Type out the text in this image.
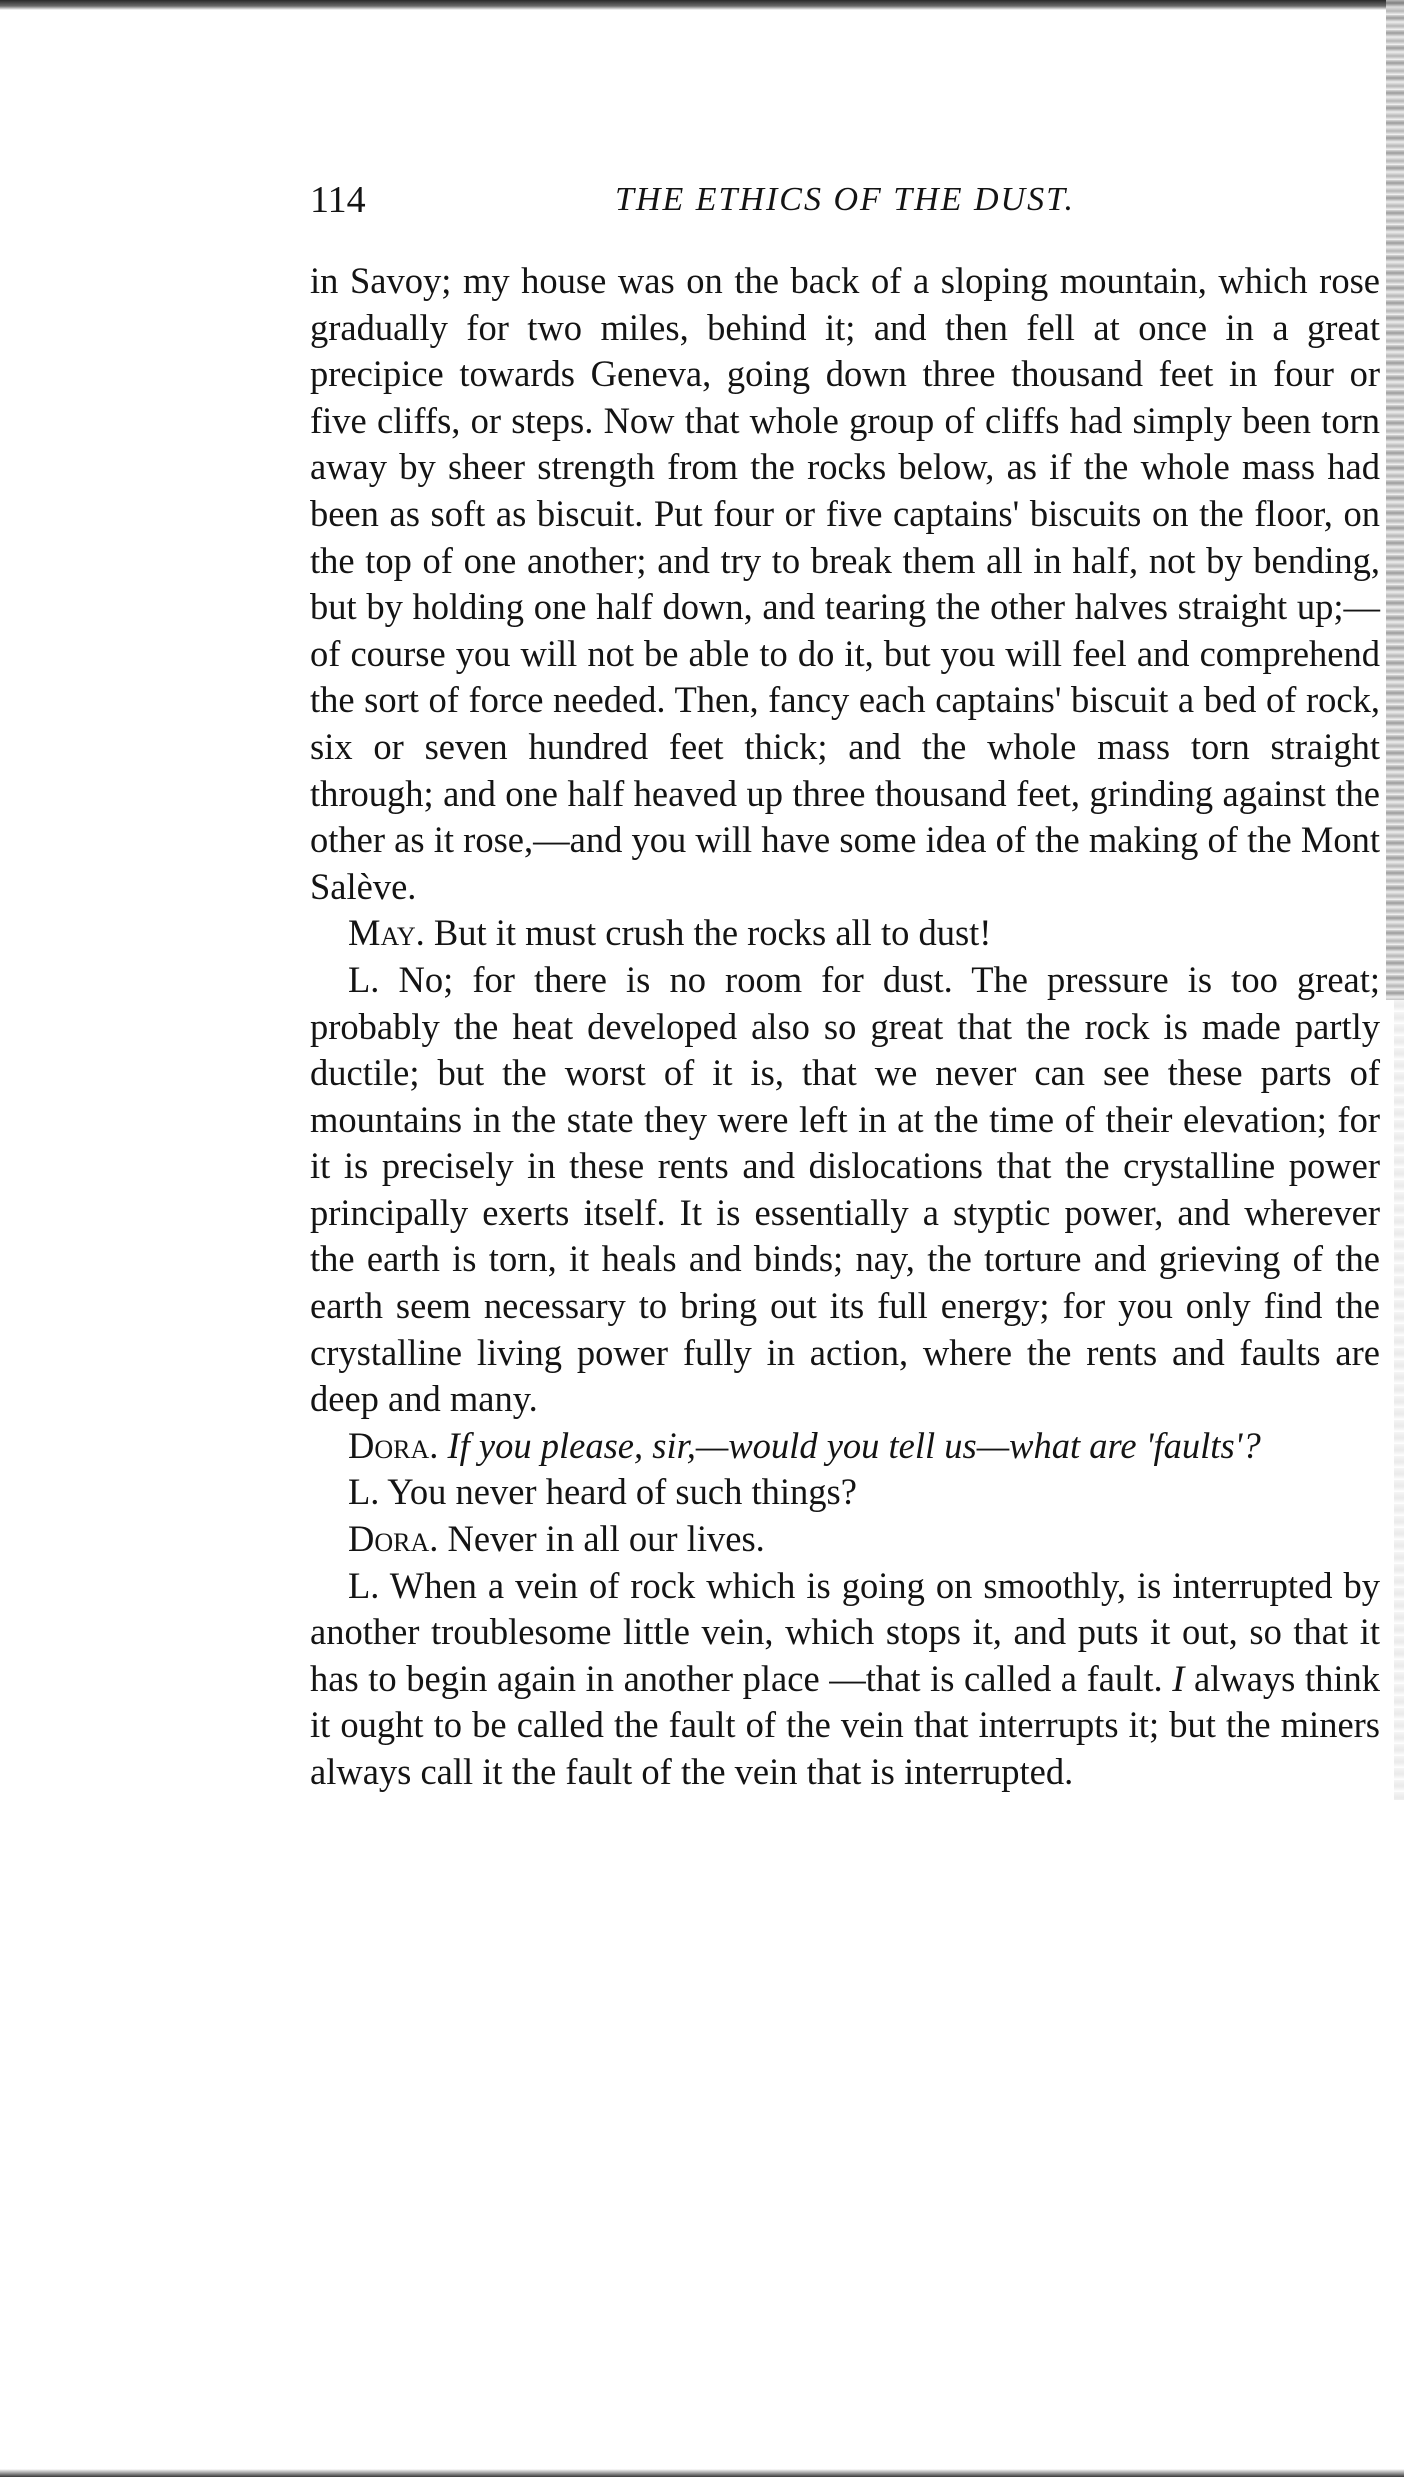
114	THE ETHICS OF THE DUST.

in Savoy; my house was on the back of a sloping mountain, which rose gradually for two miles, behind it; and then fell at once in a great precipice towards Geneva, going down three thousand feet in four or five cliffs, or steps. Now that whole group of cliffs had simply been torn away by sheer strength from the rocks below, as if the whole mass had been as soft as biscuit. Put four or five captains' biscuits on the floor, on the top of one another; and try to break them all in half, not by bending, but by holding one half down, and tearing the other halves straight up;—of course you will not be able to do it, but you will feel and comprehend the sort of force needed. Then, fancy each captains' biscuit a bed of rock, six or seven hundred feet thick; and the whole mass torn straight through; and one half heaved up three thousand feet, grinding against the other as it rose,—and you will have some idea of the making of the Mont Salève.

May. But it must crush the rocks all to dust!

L. No; for there is no room for dust. The pressure is too great; probably the heat developed also so great that the rock is made partly ductile; but the worst of it is, that we never can see these parts of mountains in the state they were left in at the time of their elevation; for it is precisely in these rents and dislocations that the crystalline power principally exerts itself. It is essentially a styptic power, and wherever the earth is torn, it heals and binds; nay, the torture and grieving of the earth seem necessary to bring out its full energy; for you only find the crystalline living power fully in action, where the rents and faults are deep and many.

Dora. If you please, sir,—would you tell us—what are 'faults'?

L. You never heard of such things?

Dora. Never in all our lives.

L. When a vein of rock which is going on smoothly, is interrupted by another troublesome little vein, which stops it, and puts it out, so that it has to begin again in another place —that is called a fault. I always think it ought to be called the fault of the vein that interrupts it; but the miners always call it the fault of the vein that is interrupted.
